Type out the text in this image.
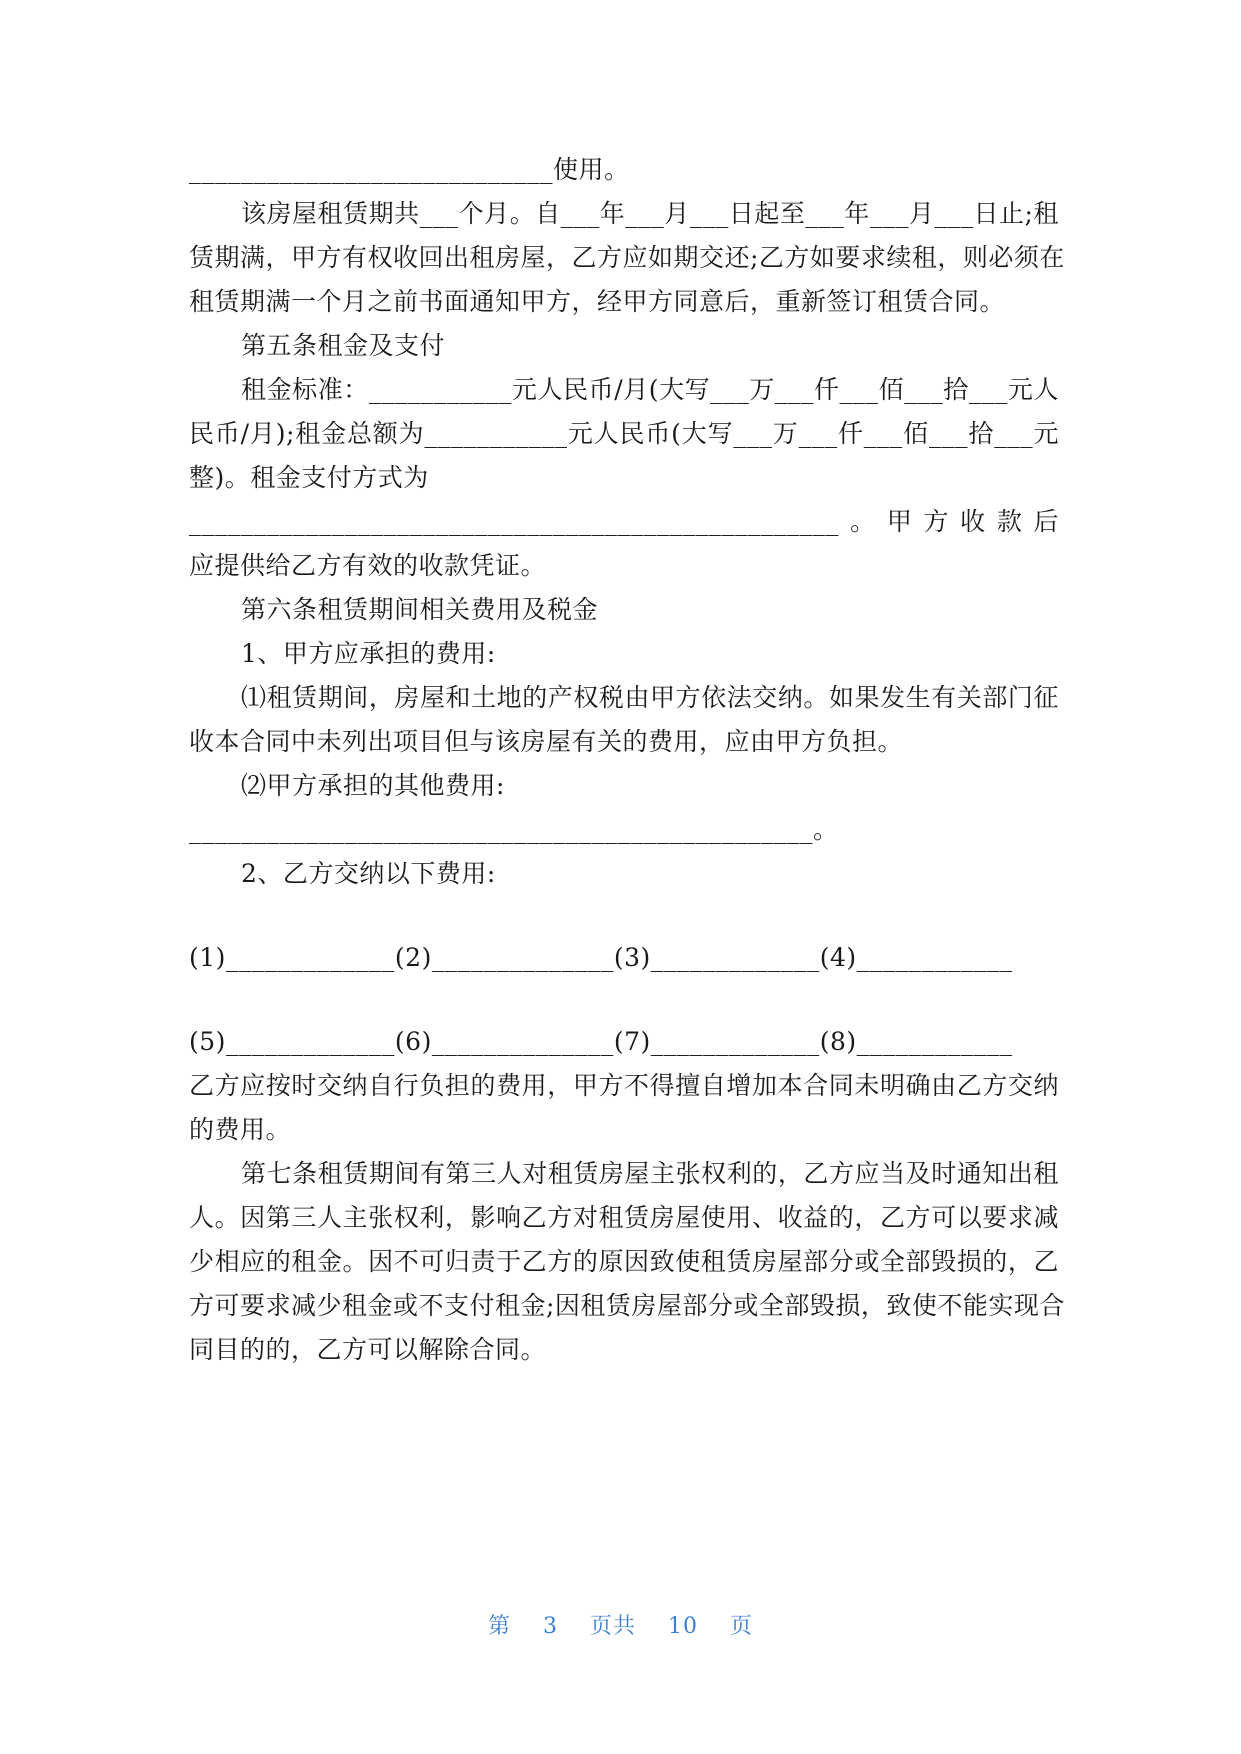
____________________________使用。
该房屋租赁期共___个月。自___年___月___日起至___年___月___日止;租
赁期满，甲方有权收回出租房屋，乙方应如期交还;乙方如要求续租，则必须在
租赁期满一个月之前书面通知甲方，经甲方同意后，重新签订租赁合同。
第五条租金及支付
租金标准：___________元人民币/月(大写___万___仟___佰___拾___元人
民币/月);租金总额为___________元人民币(大写___万___仟___佰___拾___元
整)。租金支付方式为
__________________________________________________。甲方收款后
应提供给乙方有效的收款凭证。
第六条租赁期间相关费用及税金
1、甲方应承担的费用:
⑴租赁期间，房屋和土地的产权税由甲方依法交纳。如果发生有关部门征
收本合同中未列出项目但与该房屋有关的费用，应由甲方负担。
⑵甲方承担的其他费用:
________________________________________________。
2、乙方交纳以下费用:
(1)_____________(2)______________(3)_____________(4)____________
(5)_____________(6)______________(7)_____________(8)____________
乙方应按时交纳自行负担的费用，甲方不得擅自增加本合同未明确由乙方交纳
的费用。
第七条租赁期间有第三人对租赁房屋主张权利的，乙方应当及时通知出租
人。因第三人主张权利，影响乙方对租赁房屋使用、收益的，乙方可以要求减
少相应的租金。因不可归责于乙方的原因致使租赁房屋部分或全部毁损的，乙
方可要求减少租金或不支付租金;因租赁房屋部分或全部毁损，致使不能实现合
同目的的，乙方可以解除合同。
第 3 页共 10 页
